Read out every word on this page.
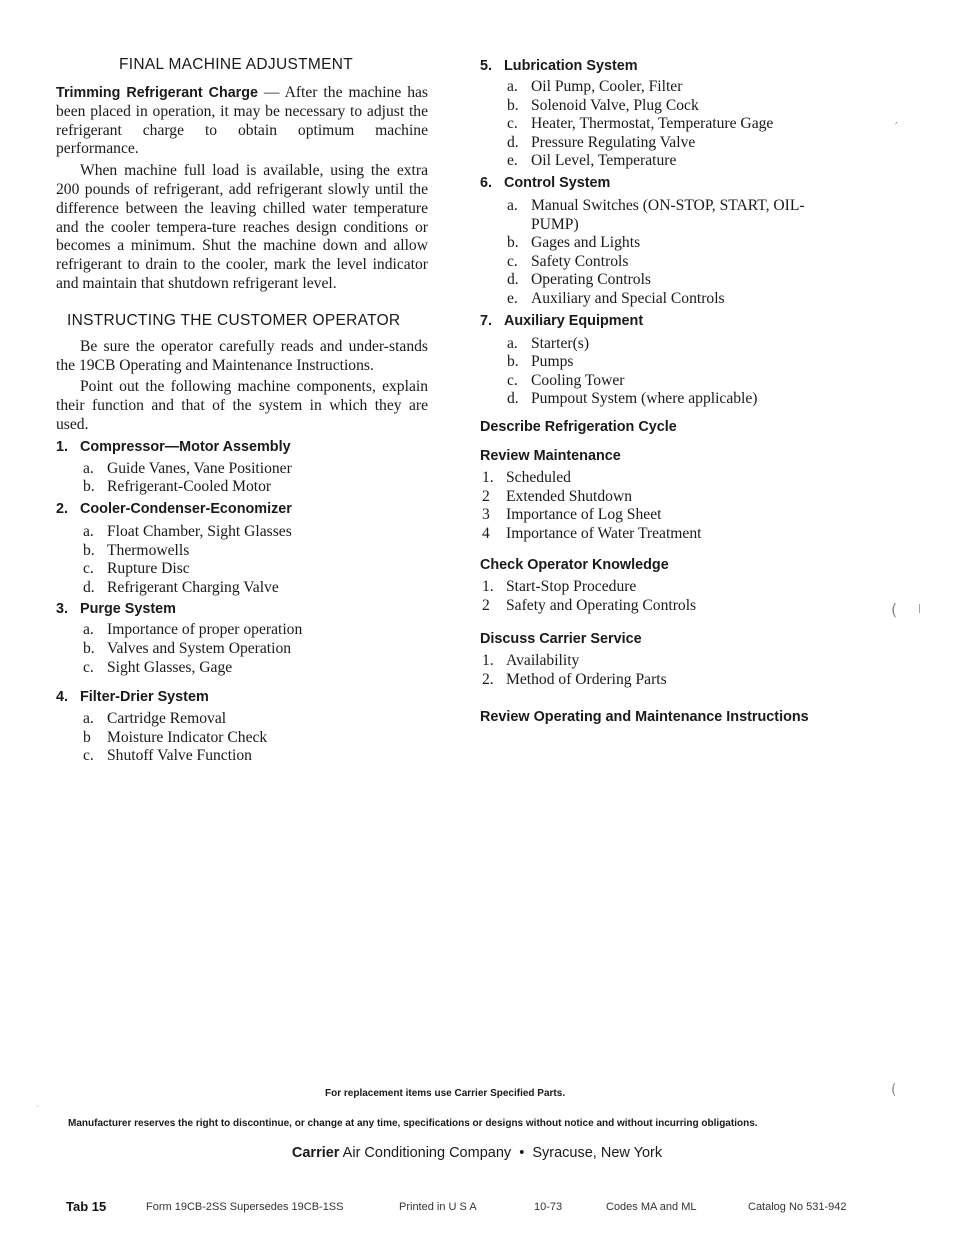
FINAL MACHINE ADJUSTMENT

Trimming Refrigerant Charge — After the machine has been placed in operation, it may be necessary to adjust the refrigerant charge to obtain optimum machine performance.

When machine full load is available, using the extra 200 pounds of refrigerant, add refrigerant slowly until the difference between the leaving chilled water temperature and the cooler tempera-ture reaches design conditions or becomes a minimum. Shut the machine down and allow refrigerant to drain to the cooler, mark the level indicator and maintain that shutdown refrigerant level.

INSTRUCTING THE CUSTOMER OPERATOR

Be sure the operator carefully reads and under-stands the 19CB Operating and Maintenance Instructions.

Point out the following machine components, explain their function and that of the system in which they are used.

1. Compressor—Motor Assembly

a. Guide Vanes, Vane Positioner
b. Refrigerant-Cooled Motor

2. Cooler-Condenser-Economizer

a. Float Chamber, Sight Glasses
b. Thermowells
c. Rupture Disc
d. Refrigerant Charging Valve

3. Purge System

a. Importance of proper operation
b. Valves and System Operation
c. Sight Glasses, Gage

4. Filter-Drier System

a. Cartridge Removal
b	Moisture Indicator Check
c. Shutoff Valve Function

5. Lubrication System

a. Oil Pump, Cooler, Filter
b. Solenoid Valve, Plug Cock
c. Heater, Thermostat, Temperature Gage
d. Pressure Regulating Valve
e. Oil Level, Temperature

6. Control System

a. Manual Switches (ON-STOP, START, OIL-PUMP)
b. Gages and Lights
c. Safety Controls
d. Operating Controls
e. Auxiliary and Special Controls

7. Auxiliary Equipment

a. Starter(s)
b. Pumps
c. Cooling Tower
d. Pumpout System (where applicable)

Describe Refrigeration Cycle

Review Maintenance

1. Scheduled
2	Extended Shutdown
3	Importance of Log Sheet
4	Importance of Water Treatment

Check Operator Knowledge

1. Start-Stop Procedure
2	Safety and Operating Controls

Discuss Carrier Service

1. Availability
2. Method of Ordering Parts

Review Operating and Maintenance Instructions

′
( |
(
·
For replacement items use Carrier Specified Parts.
Manufacturer reserves the right to discontinue, or change at any time, specifications or designs without notice and without incurring obligations.
Carrier Air Conditioning Company • Syracuse, New York
Tab 15	Form 19CB-2SS Supersedes 19CB-1SS	Printed in U S A	10-73	Codes MA and ML	Catalog No 531-942
